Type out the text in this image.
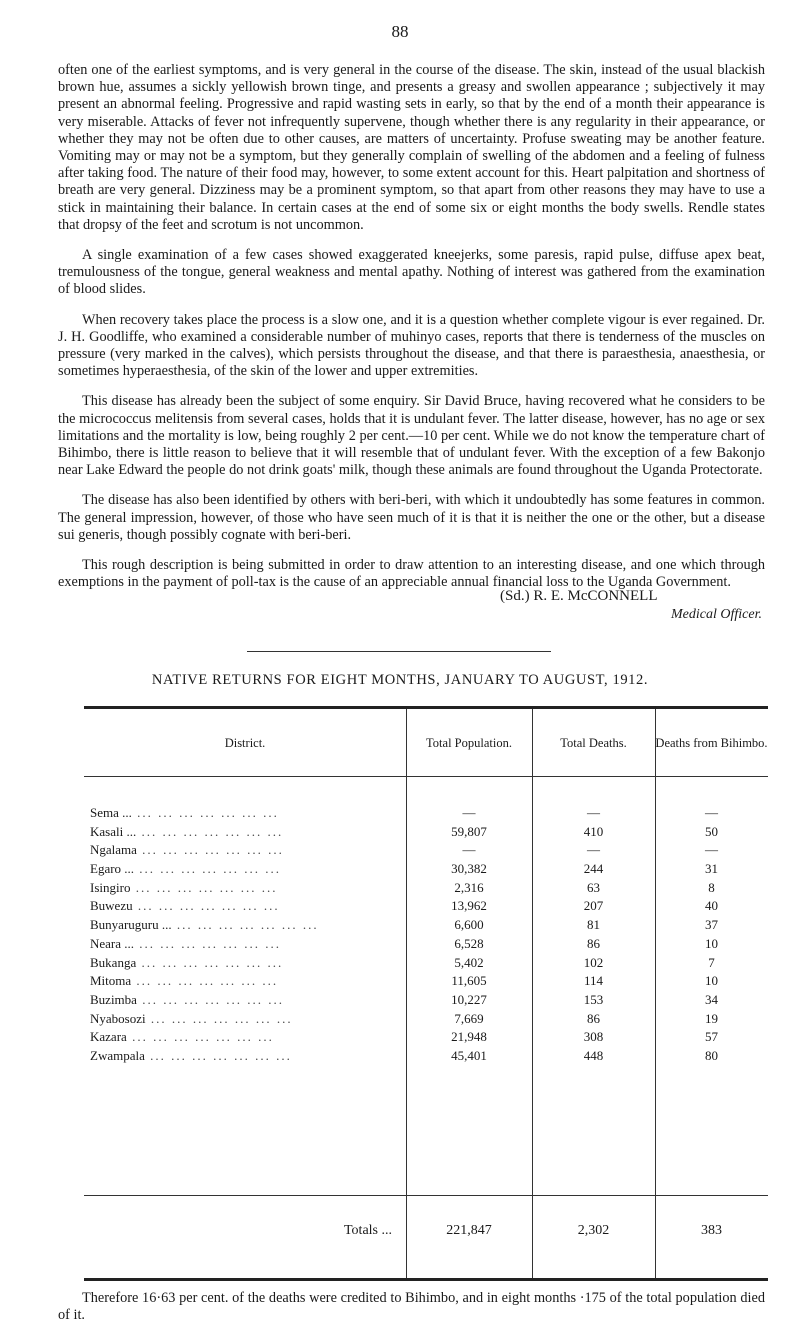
88

often one of the earliest symptoms, and is very general in the course of the disease. The skin, instead of the usual blackish brown hue, assumes a sickly yellowish brown tinge, and presents a greasy and swollen appearance ; subjectively it may present an abnormal feeling. Progressive and rapid wasting sets in early, so that by the end of a month their appearance is very miserable. Attacks of fever not infrequently supervene, though whether there is any regularity in their appearance, or whether they may not be often due to other causes, are matters of uncertainty. Profuse sweating may be another feature. Vomiting may or may not be a symptom, but they generally complain of swelling of the abdomen and a feeling of fulness after taking food. The nature of their food may, however, to some extent account for this. Heart palpitation and shortness of breath are very general. Dizziness may be a prominent symptom, so that apart from other reasons they may have to use a stick in maintaining their balance. In certain cases at the end of some six or eight months the body swells. Rendle states that dropsy of the feet and scrotum is not uncommon.

A single examination of a few cases showed exaggerated kneejerks, some paresis, rapid pulse, diffuse apex beat, tremulousness of the tongue, general weakness and mental apathy. Nothing of interest was gathered from the examination of blood slides.

When recovery takes place the process is a slow one, and it is a question whether complete vigour is ever regained. Dr. J. H. Goodliffe, who examined a considerable number of muhinyo cases, reports that there is tenderness of the muscles on pressure (very marked in the calves), which persists throughout the disease, and that there is paraesthesia, anaesthesia, or sometimes hyperaesthesia, of the skin of the lower and upper extremities.

This disease has already been the subject of some enquiry. Sir David Bruce, having recovered what he considers to be the micrococcus melitensis from several cases, holds that it is undulant fever. The latter disease, however, has no age or sex limitations and the mortality is low, being roughly 2 per cent.—10 per cent. While we do not know the temperature chart of Bihimbo, there is little reason to believe that it will resemble that of undulant fever. With the exception of a few Bakonjo near Lake Edward the people do not drink goats' milk, though these animals are found throughout the Uganda Protectorate.

The disease has also been identified by others with beri-beri, with which it undoubtedly has some features in common. The general impression, however, of those who have seen much of it is that it is neither the one or the other, but a disease sui generis, though possibly cognate with beri-beri.

This rough description is being submitted in order to draw attention to an interesting disease, and one which through exemptions in the payment of poll-tax is the cause of an appreciable annual financial loss to the Uganda Government.

(Sd.) R. E. McCONNELL
Medical Officer.
NATIVE RETURNS FOR EIGHT MONTHS, JANUARY TO AUGUST, 1912.
District.	Total Population.	Total Deaths.	Deaths from Bihimbo.
Sema ... ... ... ... ... ... ... ...	—	—	—
Kasali ... ... ... ... ... ... ... ...	59,807	410	50
Ngalama ... ... ... ... ... ... ...	—	—	—
Egaro ... ... ... ... ... ... ... ...	30,382	244	31
Isingiro ... ... ... ... ... ... ...	2,316	63	8
Buwezu ... ... ... ... ... ... ...	13,962	207	40
Bunyaruguru ... ... ... ... ... ... ... ...	6,600	81	37
Neara ... ... ... ... ... ... ... ...	6,528	86	10
Bukanga ... ... ... ... ... ... ...	5,402	102	7
Mitoma ... ... ... ... ... ... ...	11,605	114	10
Buzimba ... ... ... ... ... ... ...	10,227	153	34
Nyabosozi ... ... ... ... ... ... ...	7,669	86	19
Kazara ... ... ... ... ... ... ...	21,948	308	57
Zwampala ... ... ... ... ... ... ...	45,401	448	80
Totals ...	221,847	2,302	383

Therefore 16·63 per cent. of the deaths were credited to Bihimbo, and in eight months ·175 of the total population died of it.
